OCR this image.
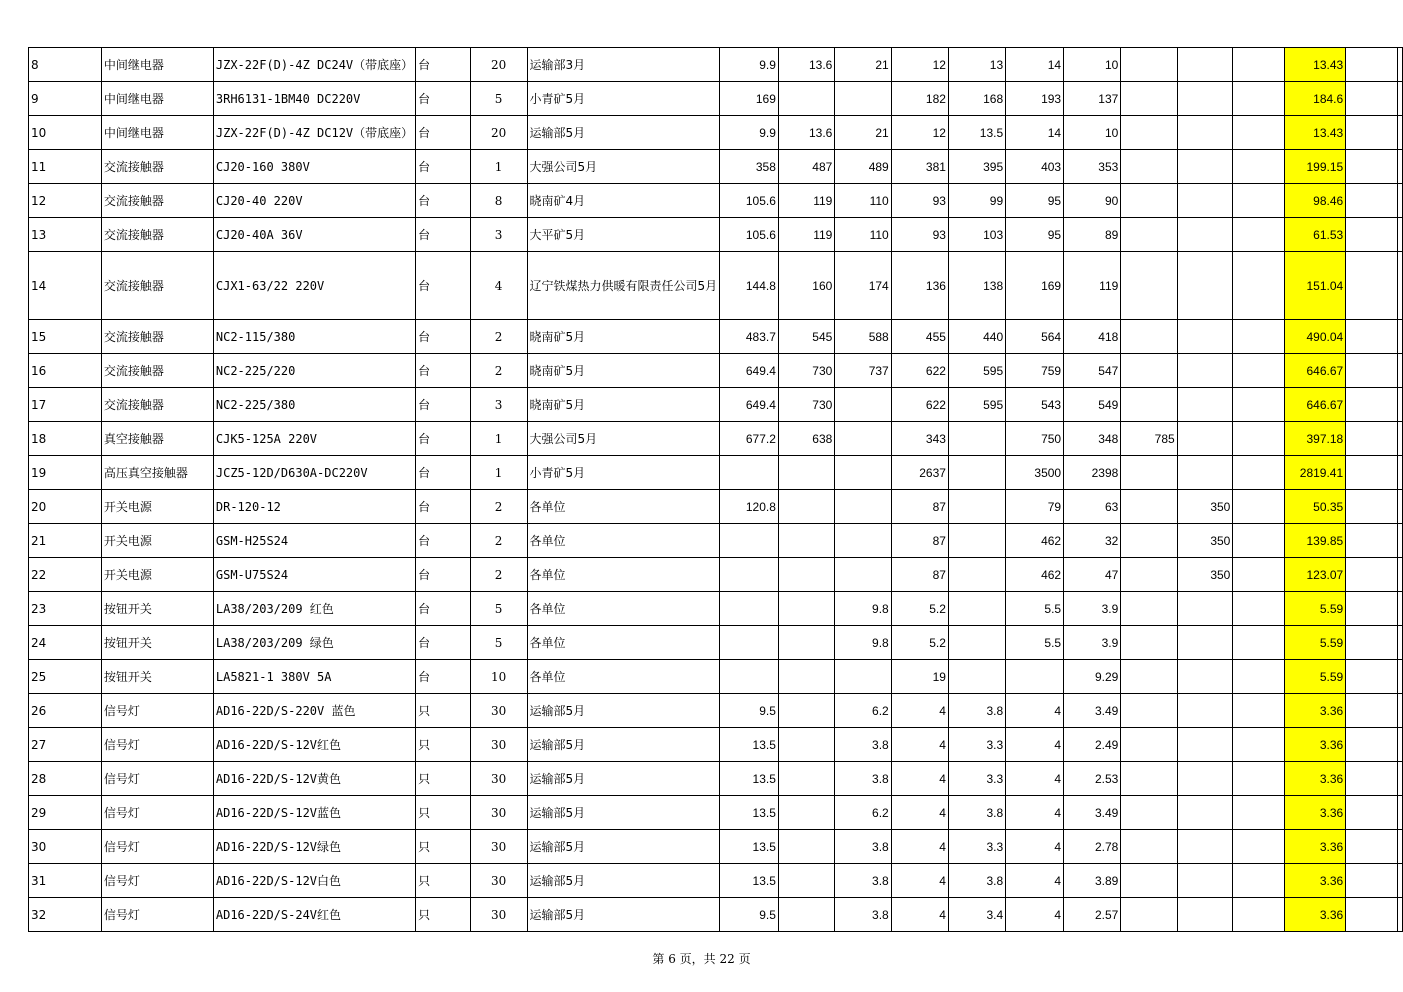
8	中间继电器	JZX-22F(D)-4Z DC24V（带底座）	台	20	运输部3月	9.9	13.6	21	12	13	14	10				13.43		
9	中间继电器	3RH6131-1BM40 DC220V	台	5	小青矿5月	169			182	168	193	137				184.6		
10	中间继电器	JZX-22F(D)-4Z DC12V（带底座）	台	20	运输部5月	9.9	13.6	21	12	13.5	14	10				13.43		
11	交流接触器	CJ20-160 380V	台	1	大强公司5月	358	487	489	381	395	403	353				199.15		
12	交流接触器	CJ20-40 220V	台	8	晓南矿4月	105.6	119	110	93	99	95	90				98.46		
13	交流接触器	CJ20-40A 36V	台	3	大平矿5月	105.6	119	110	93	103	95	89				61.53		
14	交流接触器	CJX1-63/22 220V	台	4	辽宁铁煤热力供暖有限责任公司5月	144.8	160	174	136	138	169	119				151.04		
15	交流接触器	NC2-115/380	台	2	晓南矿5月	483.7	545	588	455	440	564	418				490.04		
16	交流接触器	NC2-225/220	台	2	晓南矿5月	649.4	730	737	622	595	759	547				646.67		
17	交流接触器	NC2-225/380	台	3	晓南矿5月	649.4	730		622	595	543	549				646.67		
18	真空接触器	CJK5-125A 220V	台	1	大强公司5月	677.2	638		343		750	348	785			397.18		
19	高压真空接触器	JCZ5-12D/D630A-DC220V	台	1	小青矿5月				2637		3500	2398				2819.41		
20	开关电源	DR-120-12	台	2	各单位	120.8			87		79	63		350		50.35		
21	开关电源	GSM-H25S24	台	2	各单位				87		462	32		350		139.85		
22	开关电源	GSM-U75S24	台	2	各单位				87		462	47		350		123.07		
23	按钮开关	LA38/203/209 红色	台	5	各单位			9.8	5.2		5.5	3.9				5.59		
24	按钮开关	LA38/203/209 绿色	台	5	各单位			9.8	5.2		5.5	3.9				5.59		
25	按钮开关	LA5821-1 380V 5A	台	10	各单位				19			9.29				5.59		
26	信号灯	AD16-22D/S-220V 蓝色	只	30	运输部5月	9.5		6.2	4	3.8	4	3.49				3.36		
27	信号灯	AD16-22D/S-12V红色	只	30	运输部5月	13.5		3.8	4	3.3	4	2.49				3.36		
28	信号灯	AD16-22D/S-12V黄色	只	30	运输部5月	13.5		3.8	4	3.3	4	2.53				3.36		
29	信号灯	AD16-22D/S-12V蓝色	只	30	运输部5月	13.5		6.2	4	3.8	4	3.49				3.36		
30	信号灯	AD16-22D/S-12V绿色	只	30	运输部5月	13.5		3.8	4	3.3	4	2.78				3.36		
31	信号灯	AD16-22D/S-12V白色	只	30	运输部5月	13.5		3.8	4	3.8	4	3.89				3.36		
32	信号灯	AD16-22D/S-24V红色	只	30	运输部5月	9.5		3.8	4	3.4	4	2.57				3.36		
第 6 页，共 22 页
